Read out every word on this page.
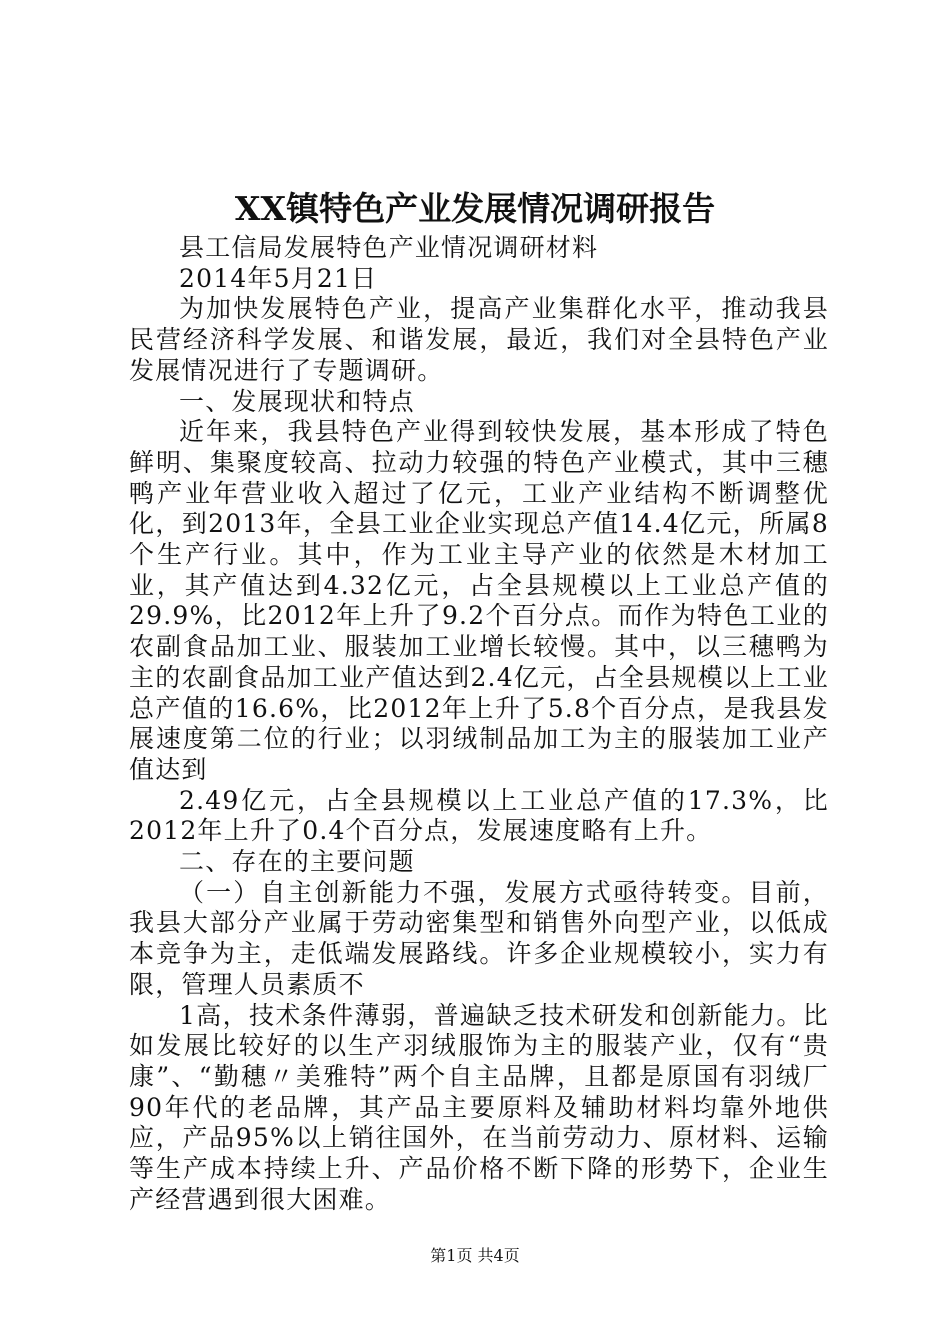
XX镇特色产业发展情况调研报告

县工信局发展特色产业情况调研材料

2014年5月21日

为加快发展特色产业，提高产业集群化水平，推动我县民营经济科学发展、和谐发展，最近，我们对全县特色产业发展情况进行了专题调研。

一、发展现状和特点

近年来，我县特色产业得到较快发展，基本形成了特色鲜明、集聚度较高、拉动力较强的特色产业模式，其中三穗鸭产业年营业收入超过了亿元，工业产业结构不断调整优化，到2013年，全县工业企业实现总产值14.4亿元，所属8个生产行业。其中，作为工业主导产业的依然是木材加工业，其产值达到4.32亿元，占全县规模以上工业总产值的29.9%，比2012年上升了9.2个百分点。而作为特色工业的农副食品加工业、服装加工业增长较慢。其中，以三穗鸭为主的农副食品加工业产值达到2.4亿元，占全县规模以上工业总产值的16.6%，比2012年上升了5.8个百分点，是我县发展速度第二位的行业；以羽绒制品加工为主的服装加工业产值达到

2.49亿元，占全县规模以上工业总产值的17.3%，比2012年上升了0.4个百分点，发展速度略有上升。

二、存在的主要问题

（一）自主创新能力不强，发展方式亟待转变。目前，我县大部分产业属于劳动密集型和销售外向型产业，以低成本竞争为主，走低端发展路线。许多企业规模较小，实力有限，管理人员素质不

1高，技术条件薄弱，普遍缺乏技术研发和创新能力。比如发展比较好的以生产羽绒服饰为主的服装产业，仅有“贵康”、“勤穗〃美雅特”两个自主品牌，且都是原国有羽绒厂90年代的老品牌，其产品主要原料及辅助材料均靠外地供应，产品95%以上销往国外，在当前劳动力、原材料、运输等生产成本持续上升、产品价格不断下降的形势下，企业生产经营遇到很大困难。

第1页 共4页
